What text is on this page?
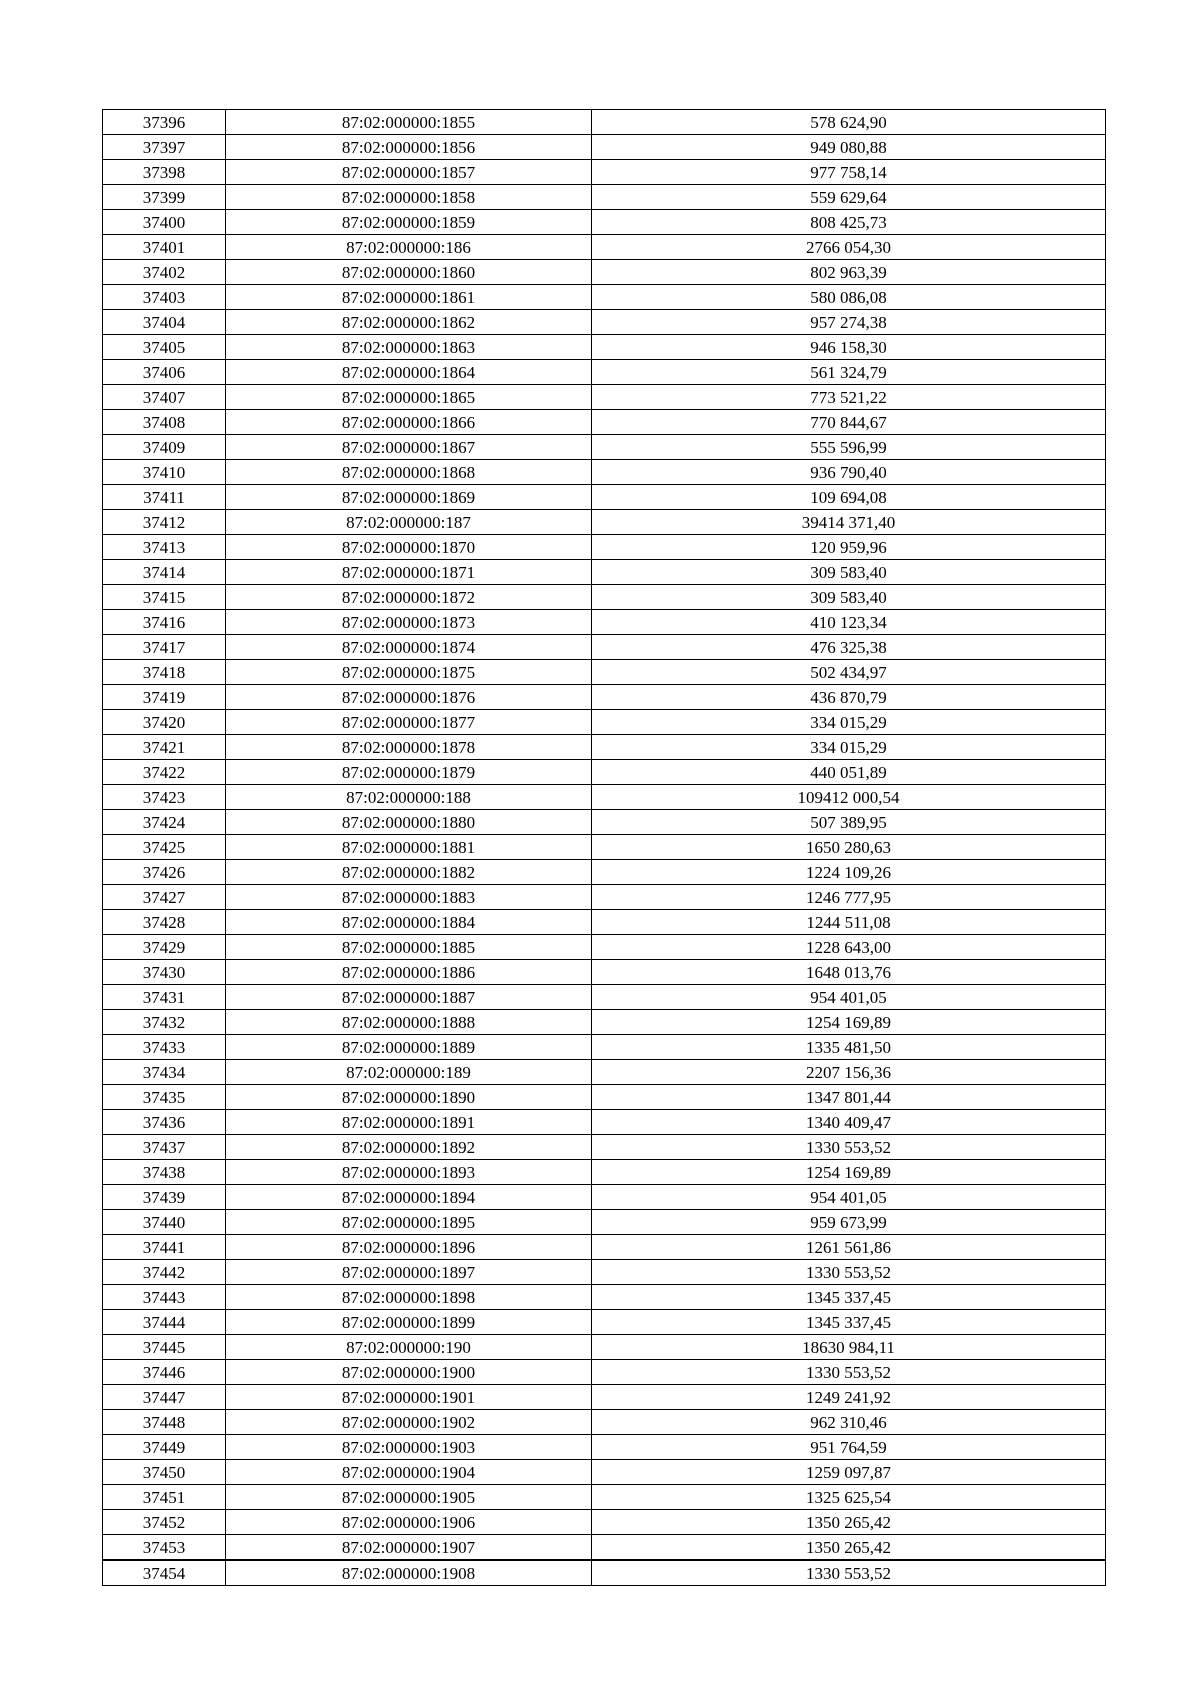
37396	87:02:000000:1855	578 624,90
37397	87:02:000000:1856	949 080,88
37398	87:02:000000:1857	977 758,14
37399	87:02:000000:1858	559 629,64
37400	87:02:000000:1859	808 425,73
37401	87:02:000000:186	2766 054,30
37402	87:02:000000:1860	802 963,39
37403	87:02:000000:1861	580 086,08
37404	87:02:000000:1862	957 274,38
37405	87:02:000000:1863	946 158,30
37406	87:02:000000:1864	561 324,79
37407	87:02:000000:1865	773 521,22
37408	87:02:000000:1866	770 844,67
37409	87:02:000000:1867	555 596,99
37410	87:02:000000:1868	936 790,40
37411	87:02:000000:1869	109 694,08
37412	87:02:000000:187	39414 371,40
37413	87:02:000000:1870	120 959,96
37414	87:02:000000:1871	309 583,40
37415	87:02:000000:1872	309 583,40
37416	87:02:000000:1873	410 123,34
37417	87:02:000000:1874	476 325,38
37418	87:02:000000:1875	502 434,97
37419	87:02:000000:1876	436 870,79
37420	87:02:000000:1877	334 015,29
37421	87:02:000000:1878	334 015,29
37422	87:02:000000:1879	440 051,89
37423	87:02:000000:188	109412 000,54
37424	87:02:000000:1880	507 389,95
37425	87:02:000000:1881	1650 280,63
37426	87:02:000000:1882	1224 109,26
37427	87:02:000000:1883	1246 777,95
37428	87:02:000000:1884	1244 511,08
37429	87:02:000000:1885	1228 643,00
37430	87:02:000000:1886	1648 013,76
37431	87:02:000000:1887	954 401,05
37432	87:02:000000:1888	1254 169,89
37433	87:02:000000:1889	1335 481,50
37434	87:02:000000:189	2207 156,36
37435	87:02:000000:1890	1347 801,44
37436	87:02:000000:1891	1340 409,47
37437	87:02:000000:1892	1330 553,52
37438	87:02:000000:1893	1254 169,89
37439	87:02:000000:1894	954 401,05
37440	87:02:000000:1895	959 673,99
37441	87:02:000000:1896	1261 561,86
37442	87:02:000000:1897	1330 553,52
37443	87:02:000000:1898	1345 337,45
37444	87:02:000000:1899	1345 337,45
37445	87:02:000000:190	18630 984,11
37446	87:02:000000:1900	1330 553,52
37447	87:02:000000:1901	1249 241,92
37448	87:02:000000:1902	962 310,46
37449	87:02:000000:1903	951 764,59
37450	87:02:000000:1904	1259 097,87
37451	87:02:000000:1905	1325 625,54
37452	87:02:000000:1906	1350 265,42
37453	87:02:000000:1907	1350 265,42
37454	87:02:000000:1908	1330 553,52
